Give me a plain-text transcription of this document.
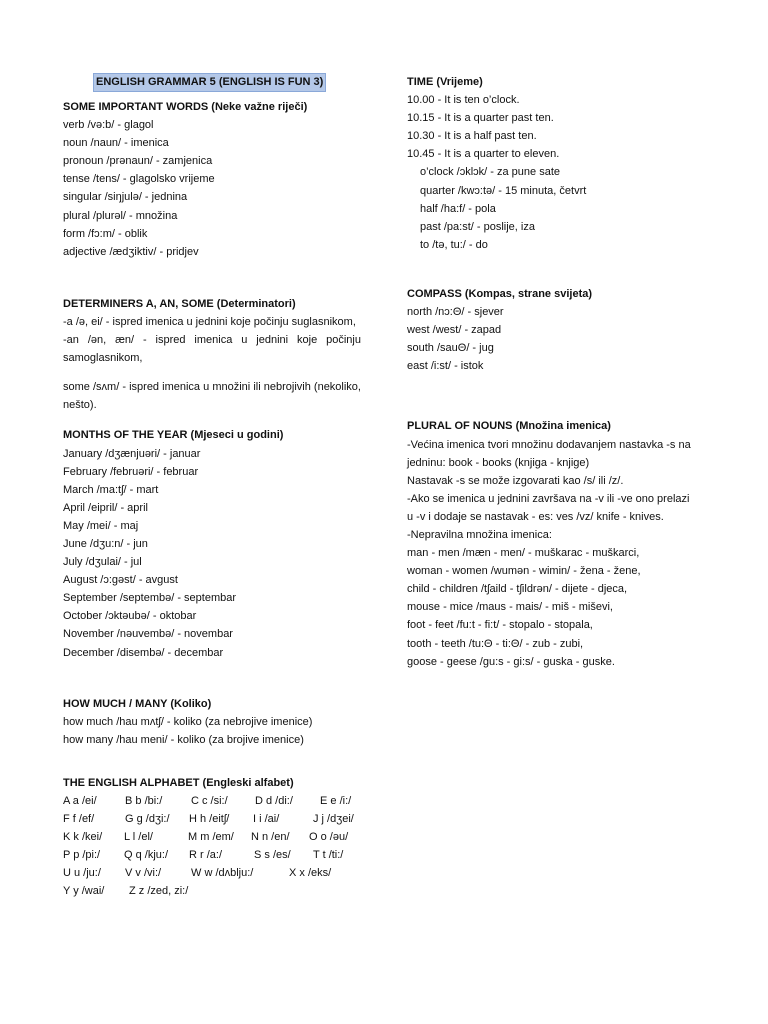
ENGLISH GRAMMAR 5 (ENGLISH IS FUN 3)
SOME IMPORTANT WORDS (Neke važne riječi)
verb /vә:b/ - glagol
noun /naun/ - imenica
pronoun /prәnaun/ - zamjenica
tense /tens/ - glagolsko vrijeme
singular /siŋjulә/ - jednina
plural /plurәl/ - množina
form /fɔ:m/ - oblik
adjective /ædʒiktiv/ - pridjev
DETERMINERS A, AN, SOME (Determinatori)
-a /ә, ei/ - ispred imenica u jednini koje počinju suglasnikom,
-an /әn, æn/ - ispred imenica u jednini koje počinju samoglasnikom,
some /sʌm/ - ispred imenica u množini ili nebrojivih (nekoliko, nešto).
MONTHS OF THE YEAR (Mjeseci u godini)
January /dʒænjuәri/ - januar
February /februәri/ - februar
March /ma:tʃ/ - mart
April /eipril/ - april
May /mei/ - maj
June /dʒu:n/ - jun
July /dʒulai/ - jul
August /ɔ:gәst/ - avgust
September /septembә/ - septembar
October /ɔktәubә/ - oktobar
November /nәuvembә/ - novembar
December /disembә/ - decembar
HOW MUCH / MANY (Koliko)
how much /hau mʌtʃ/ - koliko (za nebrojive imenice)
how many /hau meni/ - koliko (za brojive imenice)
THE ENGLISH ALPHABET (Engleski alfabet)
A a /ei/	B b /bi:/	C c /si:/	D d /di:/	E e /i:/
F f /ef/	G g /dʒi:/	H h /eitʃ/	I i /ai/	J j /dʒei/
K k /kei/	L l /el/	M m /em/	N n /en/	O o /әu/
P p /pi:/	Q q /kju:/	R r /a:/	S s /es/	T t /ti:/
U u /ju:/	V v /vi:/	W w /dʌblju:/	X x /eks/
Y y /wai/	Z z /zed, zi:/
TIME (Vrijeme)
10.00 - It is ten o’clock.
10.15 - It is a quarter past ten.
10.30 - It is a half past ten.
10.45 - It is a quarter to eleven.
o’clock /ɔklɔk/ - za pune sate
quarter /kwɔ:tә/ - 15 minuta, četvrt
half /ha:f/ - pola
past /pa:st/ - poslije, iza
to /tә, tu:/ - do
COMPASS (Kompas, strane svijeta)
north /nɔ:Θ/ - sjever
west /west/ - zapad
south /sauΘ/ - jug
east /i:st/ - istok
PLURAL OF NOUNS (Množina imenica)
-Većina imenica tvori množinu dodavanjem nastavka -s na
jedninu: book - books (knjiga - knjige)
Nastavak -s se može izgovarati kao /s/ ili /z/.
-Ako se imenica u jednini završava na -v ili -ve ono prelazi
u -v i dodaje se nastavak - es: ves /vz/ knife - knives.
-Nepravilna množina imenica:
man - men /mæn - men/ - muškarac - muškarci,
woman - women /wumәn - wimin/ - žena - žene,
child - children /tʃaild - tʃildrәn/ - dijete - djeca,
mouse - mice /maus - mais/ - miš - miševi,
foot - feet /fu:t - fi:t/ - stopalo - stopala,
tooth - teeth /tu:Θ - ti:Θ/ - zub - zubi,
goose - geese /gu:s - gi:s/ - guska - guske.
